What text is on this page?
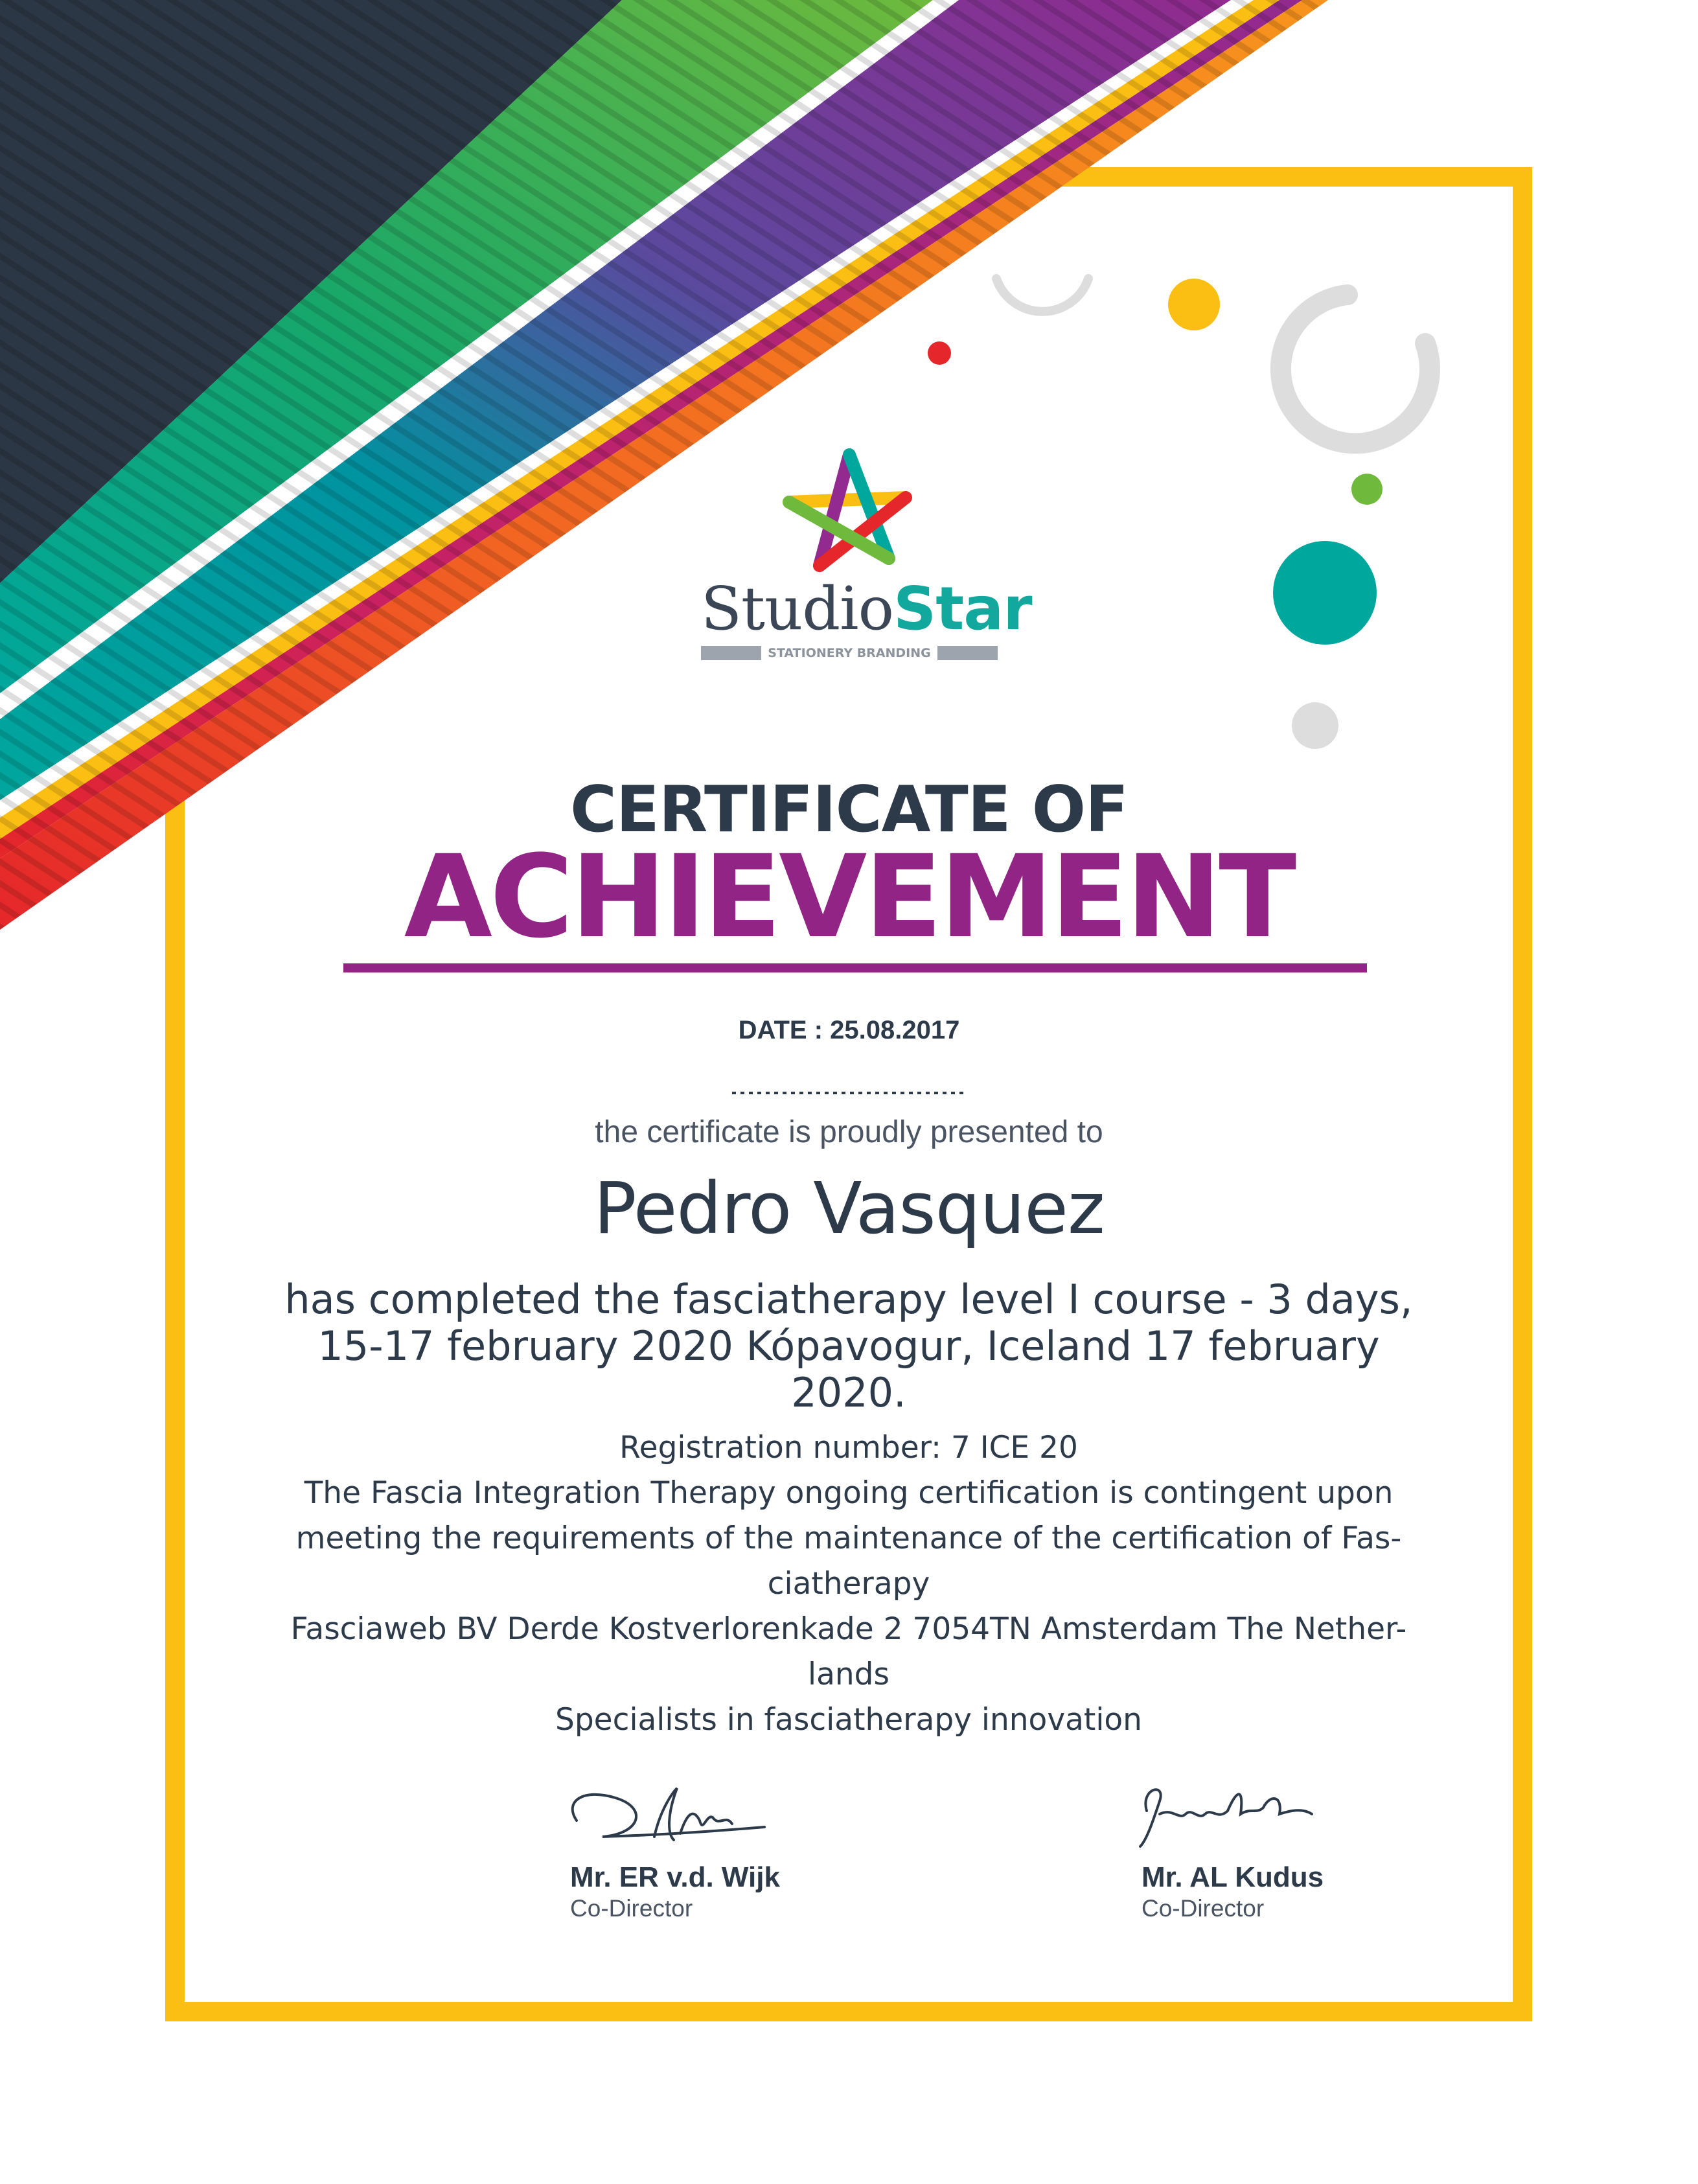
StudioStar
STATIONERY BRANDING
CERTIFICATE OF
ACHIEVEMENT
DATE : 25.08.2017
the certificate is proudly presented to
Pedro Vasquez
has completed the fasciatherapy level I course - 3 days, 15-17 february 2020 Kópavogur, Iceland 17 february 2020.
Registration number: 7 ICE 20
The Fascia Integration Therapy ongoing certification is contingent upon meeting the requirements of the maintenance of the certification of Fas-ciatherapy
Fasciaweb BV Derde Kostverlorenkade 2 7054TN Amsterdam The Nether-lands
Specialists in fasciatherapy innovation
Mr. ER v.d. Wijk
Co-Director
Mr. AL Kudus
Co-Director
